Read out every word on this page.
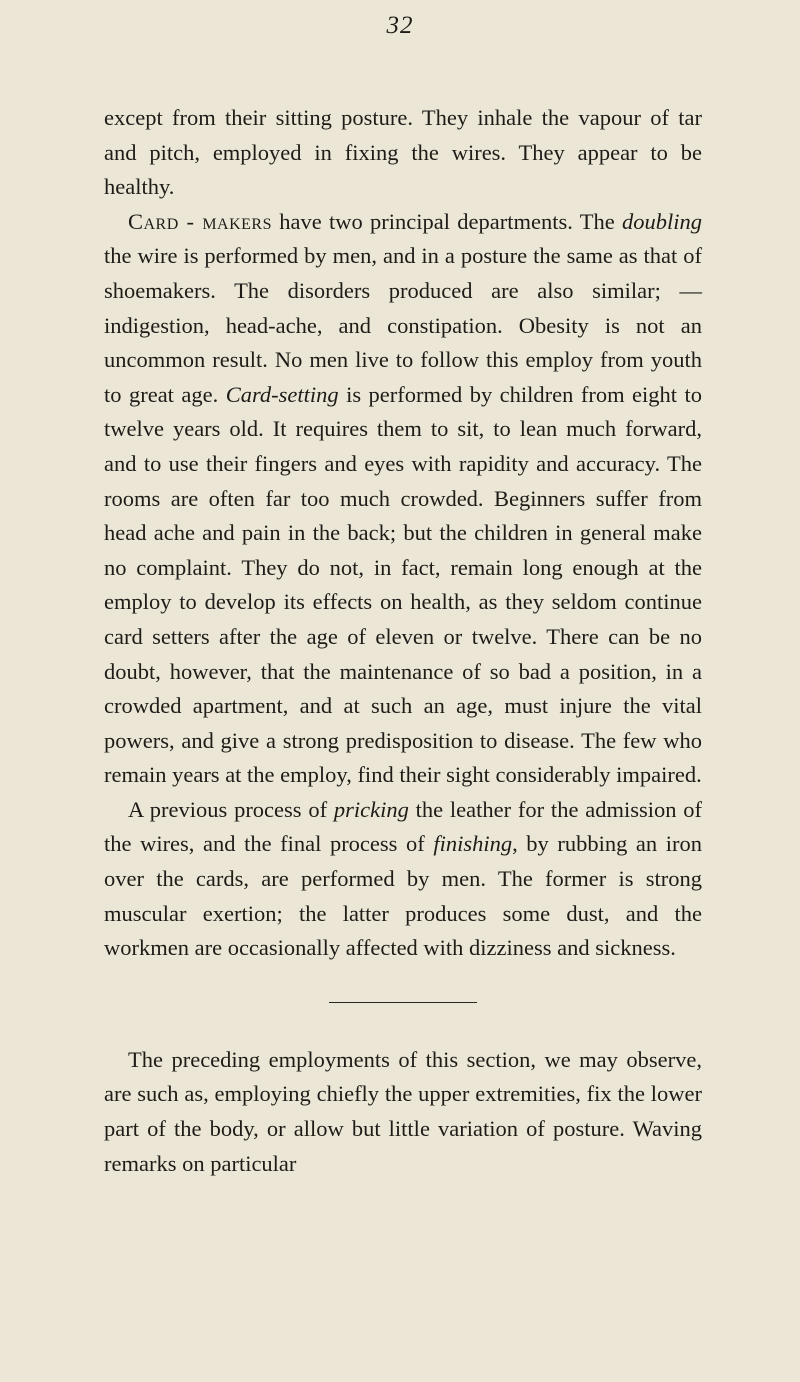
32

except from their sitting posture. They inhale the vapour of tar and pitch, employed in fixing the wires. They appear to be healthy.

Card - makers have two principal departments. The doubling the wire is performed by men, and in a posture the same as that of shoemakers. The disorders produced are also similar; —indigestion, head-ache, and constipation. Obesity is not an uncommon result. No men live to follow this employ from youth to great age. Card-setting is performed by children from eight to twelve years old. It requires them to sit, to lean much forward, and to use their fingers and eyes with rapidity and accuracy. The rooms are often far too much crowded. Beginners suffer from head ache and pain in the back; but the children in general make no complaint. They do not, in fact, remain long enough at the employ to develop its effects on health, as they seldom continue card setters after the age of eleven or twelve. There can be no doubt, however, that the maintenance of so bad a position, in a crowded apartment, and at such an age, must injure the vital powers, and give a strong predisposition to disease. The few who remain years at the employ, find their sight considerably impaired.

A previous process of pricking the leather for the admission of the wires, and the final process of finishing, by rubbing an iron over the cards, are performed by men. The former is strong muscular exertion; the latter produces some dust, and the workmen are occasionally affected with dizziness and sickness.

The preceding employments of this section, we may observe, are such as, employing chiefly the upper extremities, fix the lower part of the body, or allow but little variation of posture. Waving remarks on particular
